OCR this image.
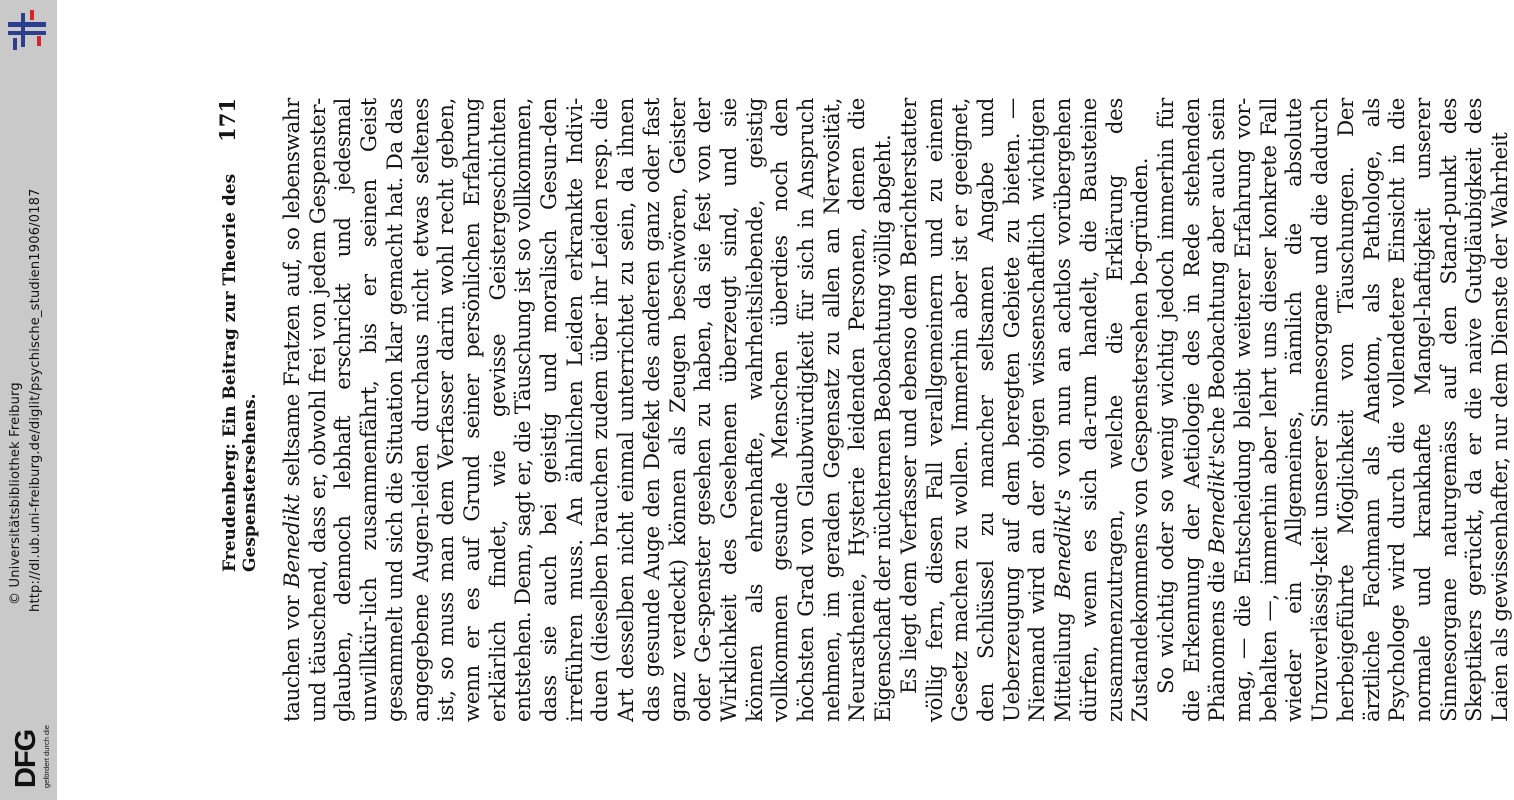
http://dl.ub.uni-freiburg.de/diglit/psychische_studien1906/0187
© Universitätsbibliothek Freiburg
gefördert durch die
DFG
Freudenberg: Ein Beitrag zur Theorie des Gespenstersehens.
171

tauchen vor Benedikt seltsame Fratzen auf, so lebenswahr und täuschend, dass er, obwohl frei von jedem Gespenster-glauben, dennoch lebhaft erschrickt und jedesmal unwillkür-lich zusammenfährt, bis er seinen Geist gesammelt und sich die Situation klar gemacht hat. Da das angegebene Augen-leiden durchaus nicht etwas seltenes ist, so muss man dem Verfasser darin wohl recht geben, wenn er es auf Grund seiner persönlichen Erfahrung erklärlich findet, wie gewisse Geistergeschichten entstehen. Denn, sagt er, die Täuschung ist so vollkommen, dass sie auch bei geistig und moralisch Gesun-den irreführen muss. An ähnlichen Leiden erkrankte Indivi-duen (dieselben brauchen zudem über ihr Leiden resp. die Art desselben nicht einmal unterrichtet zu sein, da ihnen das gesunde Auge den Defekt des anderen ganz oder fast ganz verdeckt) können als Zeugen beschwören, Geister oder Ge-spenster gesehen zu haben, da sie fest von der Wirklichkeit des Gesehenen überzeugt sind, und sie können als ehrenhafte, wahrheitsliebende, geistig vollkommen gesunde Menschen überdies noch den höchsten Grad von Glaubwürdigkeit für sich in Anspruch nehmen, im geraden Gegensatz zu allen an Nervosität, Neurasthenie, Hysterie leidenden Personen, denen die Eigenschaft der nüchternen Beobachtung völlig abgeht. Es liegt dem Verfasser und ebenso dem Berichterstatter völlig fern, diesen Fall verallgemeinern und zu einem Gesetz machen zu wollen. Immerhin aber ist er geeignet, den Schlüssel zu mancher seltsamen Angabe und Ueberzeugung auf dem beregten Gebiete zu bieten. — Niemand wird an der obigen wissenschaftlich wichtigen Mitteilung Benedikt's von nun an achtlos vorübergehen dürfen, wenn es sich da-rum handelt, die Bausteine zusammenzutragen, welche die Erklärung des Zustandekommens von Gespenstersehen be-gründen. So wichtig oder so wenig wichtig jedoch immerhin für die Erkennung der Aetiologie des in Rede stehenden Phänomens die Benedikt'sche Beobachtung aber auch sein mag, — die Entscheidung bleibt weiterer Erfahrung vor-behalten —, immerhin aber lehrt uns dieser konkrete Fall wieder ein Allgemeines, nämlich die absolute Unzuverlässig-keit unserer Sinnesorgane und die dadurch herbeigeführte Möglichkeit von Täuschungen. Der ärztliche Fachmann als Anatom, als Pathologe, als Psychologe wird durch die vollendetere Einsicht in die normale und krankhafte Mangel-haftigkeit unserer Sinnesorgane naturgemäss auf den Stand-punkt des Skeptikers gerückt, da er die naive Gutgläubigkeit des Laien als gewissenhafter, nur dem Dienste der Wahrheit
